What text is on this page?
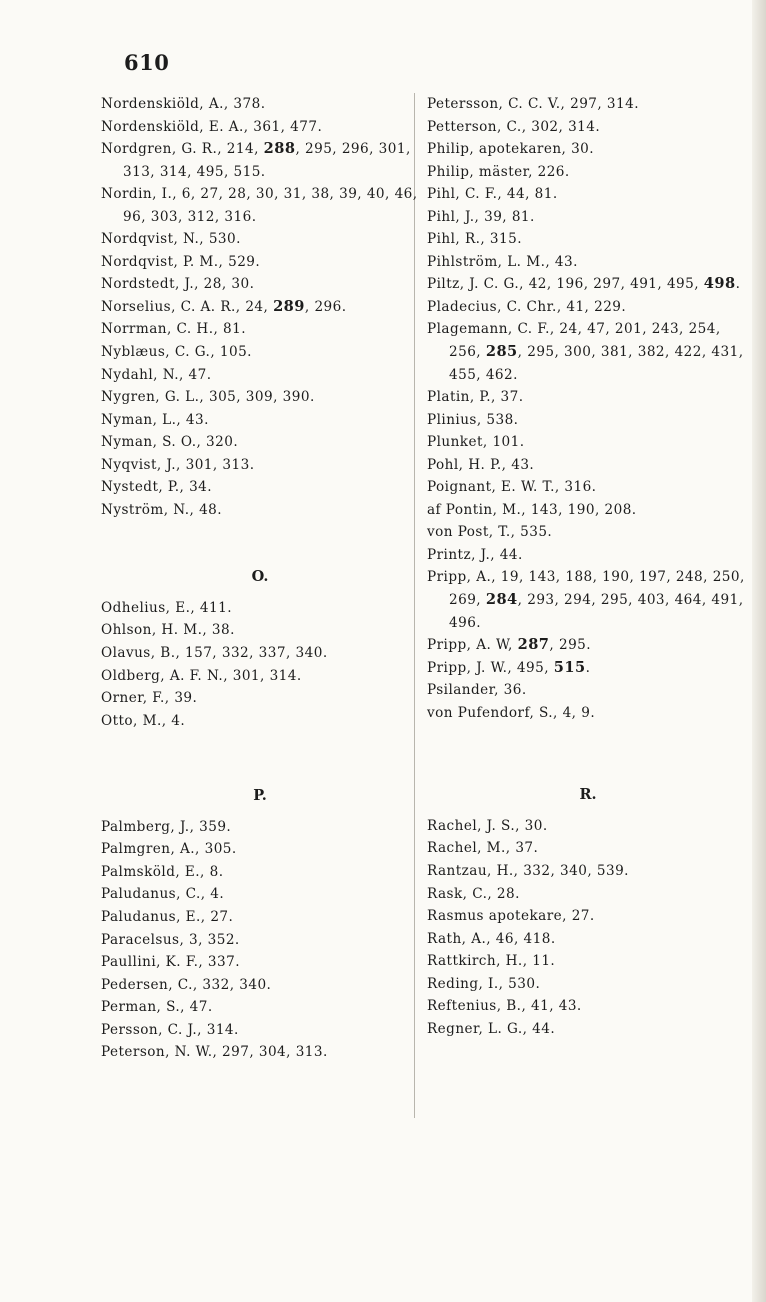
610
Nordenskiöld, A., 378.
Nordenskiöld, E. A., 361, 477.
Nordgren, G. R., 214, 288, 295, 296, 301, 313, 314, 495, 515.
Nordin, I., 6, 27, 28, 30, 31, 38, 39, 40, 46, 96, 303, 312, 316.
Nordqvist, N., 530.
Nordqvist, P. M., 529.
Nordstedt, J., 28, 30.
Norselius, C. A. R., 24, 289, 296.
Norrman, C. H., 81.
Nyblæus, C. G., 105.
Nydahl, N., 47.
Nygren, G. L., 305, 309, 390.
Nyman, L., 43.
Nyman, S. O., 320.
Nyqvist, J., 301, 313.
Nystedt, P., 34.
Nyström, N., 48.
O.
Odhelius, E., 411.
Ohlson, H. M., 38.
Olavus, B., 157, 332, 337, 340.
Oldberg, A. F. N., 301, 314.
Orner, F., 39.
Otto, M., 4.
P.
Palmberg, J., 359.
Palmgren, A., 305.
Palmsköld, E., 8.
Paludanus, C., 4.
Paludanus, E., 27.
Paracelsus, 3, 352.
Paullini, K. F., 337.
Pedersen, C., 332, 340.
Perman, S., 47.
Persson, C. J., 314.
Peterson, N. W., 297, 304, 313.
Petersson, C. C. V., 297, 314.
Petterson, C., 302, 314.
Philip, apotekaren, 30.
Philip, mäster, 226.
Pihl, C. F., 44, 81.
Pihl, J., 39, 81.
Pihl, R., 315.
Pihlström, L. M., 43.
Piltz, J. C. G., 42, 196, 297, 491, 495, 498.
Pladecius, C. Chr., 41, 229.
Plagemann, C. F., 24, 47, 201, 243, 254, 256, 285, 295, 300, 381, 382, 422, 431, 455, 462.
Platin, P., 37.
Plinius, 538.
Plunket, 101.
Pohl, H. P., 43.
Poignant, E. W. T., 316.
af Pontin, M., 143, 190, 208.
von Post, T., 535.
Printz, J., 44.
Pripp, A., 19, 143, 188, 190, 197, 248, 250, 269, 284, 293, 294, 295, 403, 464, 491, 496.
Pripp, A. W, 287, 295.
Pripp, J. W., 495, 515.
Psilander, 36.
von Pufendorf, S., 4, 9.
R.
Rachel, J. S., 30.
Rachel, M., 37.
Rantzau, H., 332, 340, 539.
Rask, C., 28.
Rasmus apotekare, 27.
Rath, A., 46, 418.
Rattkirch, H., 11.
Reding, I., 530.
Reftenius, B., 41, 43.
Regner, L. G., 44.
